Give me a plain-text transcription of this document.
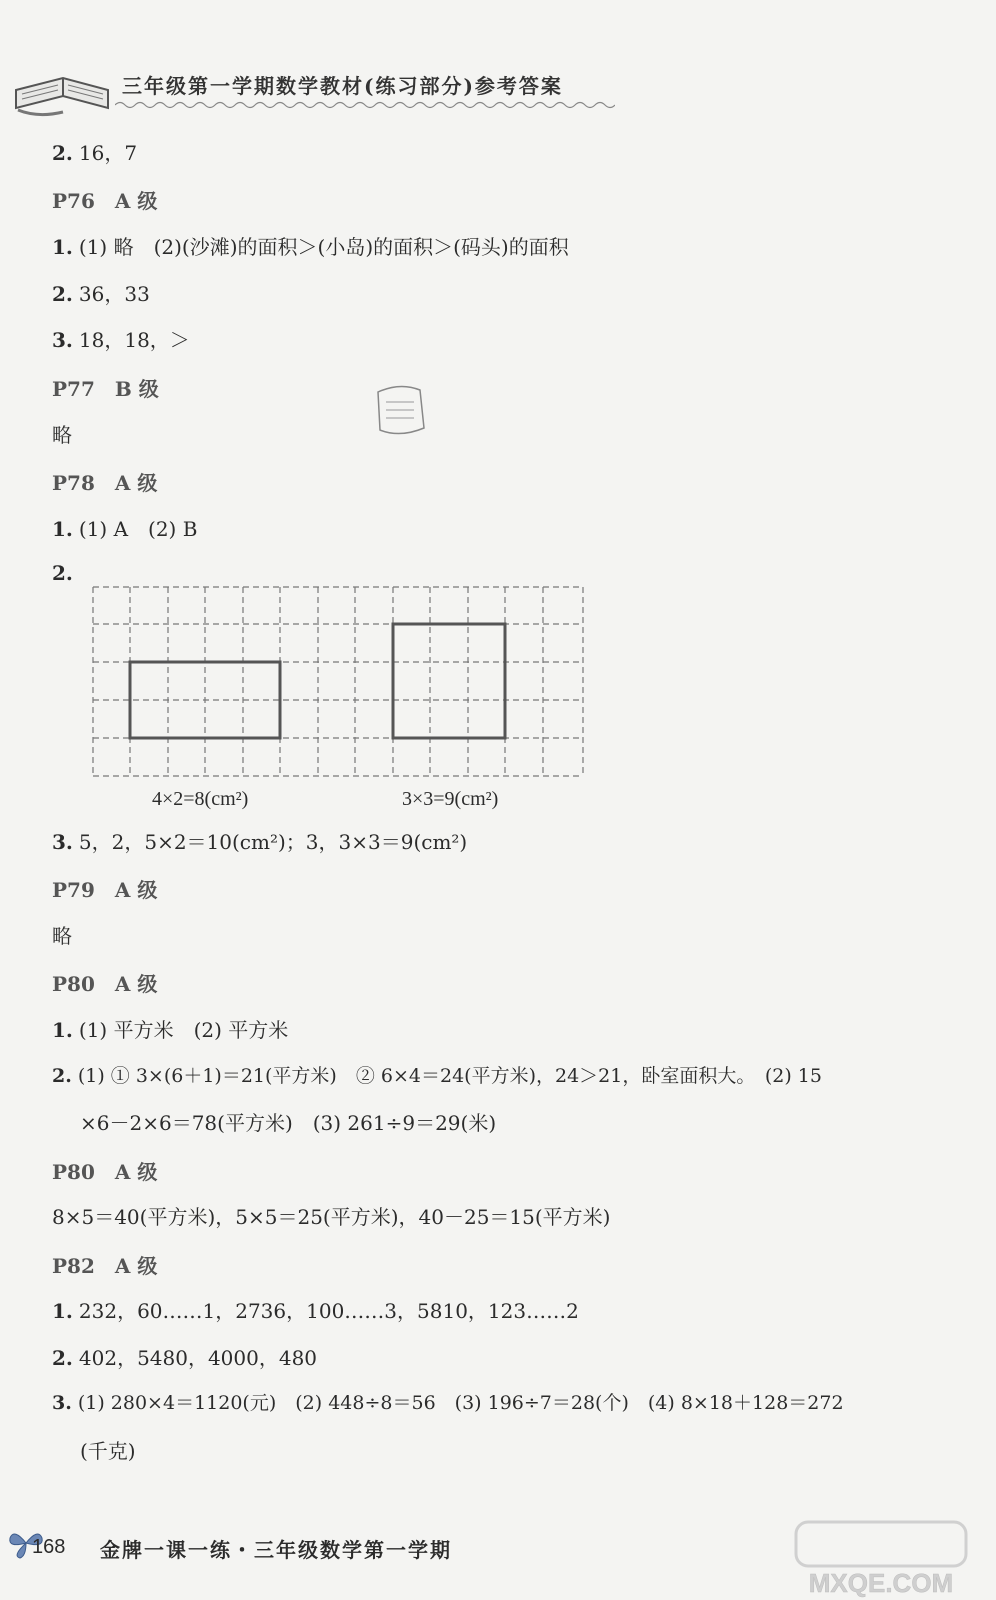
三年级第一学期数学教材(练习部分)参考答案
2. 16，7
P76　A 级
1. (1) 略　(2)(沙滩)的面积＞(小岛)的面积＞(码头)的面积
2. 36，33
3. 18，18，＞
P77　B 级
略
P78　A 级
1. (1) A　(2) B
2.
4×2=8(cm²)	3×3=9(cm²)
3. 5，2，5×2＝10(cm²)；3，3×3＝9(cm²)
P79　A 级
略
P80　A 级
1. (1) 平方米　(2) 平方米
2. (1) ① 3×(6＋1)＝21(平方米)　② 6×4＝24(平方米)，24＞21，卧室面积大。　(2) 15
×6－2×6＝78(平方米)　(3) 261÷9＝29(米)
P80　A 级
8×5＝40(平方米)，5×5＝25(平方米)，40－25＝15(平方米)
P82　A 级
1. 232，60……1，2736，100……3，5810，123……2
2. 402，5480，4000，480
3. (1) 280×4＝1120(元)　(2) 448÷8＝56　(3) 196÷7＝28(个)　(4) 8×18＋128＝272
(千克)
168 金牌一课一练・三年级数学第一学期
MXQE.COM
